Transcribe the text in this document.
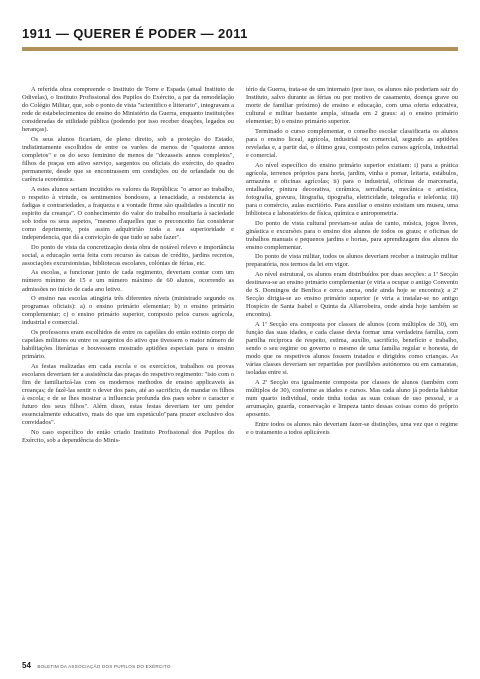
1911 — QUERER É PODER — 2011

A referida obra compreende o Instituto de Torre e Espada (atual Instituto de Odivelas), o Instituto Profissional dos Pupilos do Exército, a par da remodelação do Colégio Militar, que, sob o ponto de vista "scientifico e litterario", integravam a rede de estabelecimentos de ensino do Ministério da Guerra, enquanto instituições consideradas de utilidade pública (podendo por isso receber doações, legados ou heranças).

Os seus alunos ficariam, de pleno direito, sob a proteção do Estado, indistintamente escolhidos de entre os varões de menos de "quatorze annos completos" e os do sexo feminino de menos de "dezasseis annos completos", filhos de praças em ativo serviço, sargentos ou oficiais do exército, do quadro permanente, desde que se encontrassem em condições ou de orfandade ou de carência económica.

A estes alunos seriam incutidos os valores da República: "o amor ao trabalho, o respeito à virtude, os sentimentos bondosos, a tenacidade, a resistencia às fadigas e contrariedades, a fraqueza e a vontade firme são qualidades a incutir no espirito da creança". O conhecimento do valor do trabalho resultaria à saciedade sob todos os seus aspetos, "mesmo d'aquelles que o preconceito faz considerar como deprimente, pois assim adquiririão toda a sua superioridade e independencia, que dá a convicção de que tudo se sabe fazer".

Do ponto de vista da concretização desta obra de notável relevo e importância social, a educação seria feita com recurso às caixas de crédito, jardins recreios, associações excursionistas, bibliotecas escolares, colónias de férias, etc.

As escolas, a funcionar junto de cada regimento, deveriam contar com um número mínimo de 15 e um número máximo de 60 alunos, ocorrendo as admissões no início de cada ano letivo.

O ensino nas escolas atingiria três diferentes níveis (ministrado segundo os programas oficiais): a) o ensino primário elementar; b) o ensino primário complementar; c) o ensino primário superior, composto pelos cursos agrícola, industrial e comercial.

Os professores eram escolhidos de entre os capelães do então extinto corpo de capelães militares ou entre os sargentos do ativo que tivessem o maior número de habilitações literárias e houvessem mostrado aptidões especiais para o ensino primário.

As festas realizadas em cada escola e os exercícios, trabalhos ou provas escolares deveriam ter a assistência das praças do respetivo regimento: "isto com o fim de familiarizá-las com os modernos methodos de ensino applicaveis às creanças; de fazê-las sentir o dever dos paes, até ao sacrificio, de mandar os filhos à escola; e de se lhes mostrar a influencia profunda dos paes sobre o caracter e futuro dos seus filhos". Além disso, estas festas deveriam ter um pendor essencialmente educativo, mais do que um espetáculo"para prazer exclusivo dos convidados".

No caso específico do então criado Instituto Profissional dos Pupilos do Exército, sob a dependência do Minis-

tério da Guerra, trata-se de um internato (por isso, os alunos não poderiam sair do Instituto, salvo durante as férias ou por motivo de casamento, doença grave ou morte de familiar próximo) de ensino e educação, com uma oferta educativa, cultural e militar bastante ampla, situada em 2 graus: a) o ensino primário elementar; b) o ensino primário superior.

Terminado o curso complementar, o conselho escolar classificaria os alunos para o ensino liceal, agrícola, industrial ou comercial, segundo as aptidões reveladas e, a partir daí, o último grau, composto pelos cursos agrícola, industrial e comercial.

Ao nível específico do ensino primário superior existiam: i) para a prática agrícola, terrenos próprios para horta, jardim, vinha e pomar, leitaria, estábulos, armazéns e oficinas agrícolas; ii) para o industrial, oficinas de marcenaria, entalhador, pintura decorativa, cerâmica, serralharia, mecânica e artística, fotografia, gravura, litografia, tipografia, eletricidade, telegrafia e telefonia; iii) para o comércio, aulas escritório. Para auxiliar o ensino existiam um museu, uma biblioteca e laboratórios de física, química e antropometria.

Do ponto de vista cultural previam-se aulas de canto, música, jogos livres, ginástica e excursões para o ensino dos alunos de todos os graus; e oficinas de trabalhos manuais e pequenos jardins e hortas, para aprendizagem dos alunos do ensino complementar.

Do ponto de vista militar, todos os alunos deveriam receber a instrução militar preparatória, nos termos da lei em vigor.

Ao nível estrutural, os alunos eram distribuídos por duas secções: a 1ª Secção destinava-se ao ensino primário complementar (e viria a ocupar o antigo Convento de S. Domingos de Benfica e cerca anexa, onde ainda hoje se encontra); a 2ª Secção dirigia-se ao ensino primário superior (e viria a instalar-se no antigo Hospício de Santa Isabel e Quinta da Alfarrobeira, onde ainda hoje também se encontra).

A 1ª Secção era composta por classes de alunos (com múltiplos de 30), em função das suas idades, e cada classe devia formar uma verdadeira família, com partilha recíproca de respeito, estima, auxílio, sacrifício, benefício e trabalho, sendo o seu regime ou governo o mesmo de uma família regular e honesta, de modo que os respetivos alunos fossem tratados e dirigidos como crianças. As várias classes deveriam ser repartidas por pavilhões autónomos ou em camaratas, isoladas entre si.

A 2ª Secção era igualmente composta por classes de alunos (também com múltiplos de 30), conforme as idades e cursos. Mas cada aluno já poderia habitar num quarto individual, onde tinha todas as suas coisas de uso pessoal, e a arrumação, guarda, conservação e limpeza tanto dessas coisas como do próprio aposento.

Entre todos os alunos não deveriam fazer-se distinções, uma vez que o regime e o tratamento a todos aplicáveis

54 BOLETIM DA ASSOCIAÇÃO DOS PUPILOS DO EXÉRCITO
